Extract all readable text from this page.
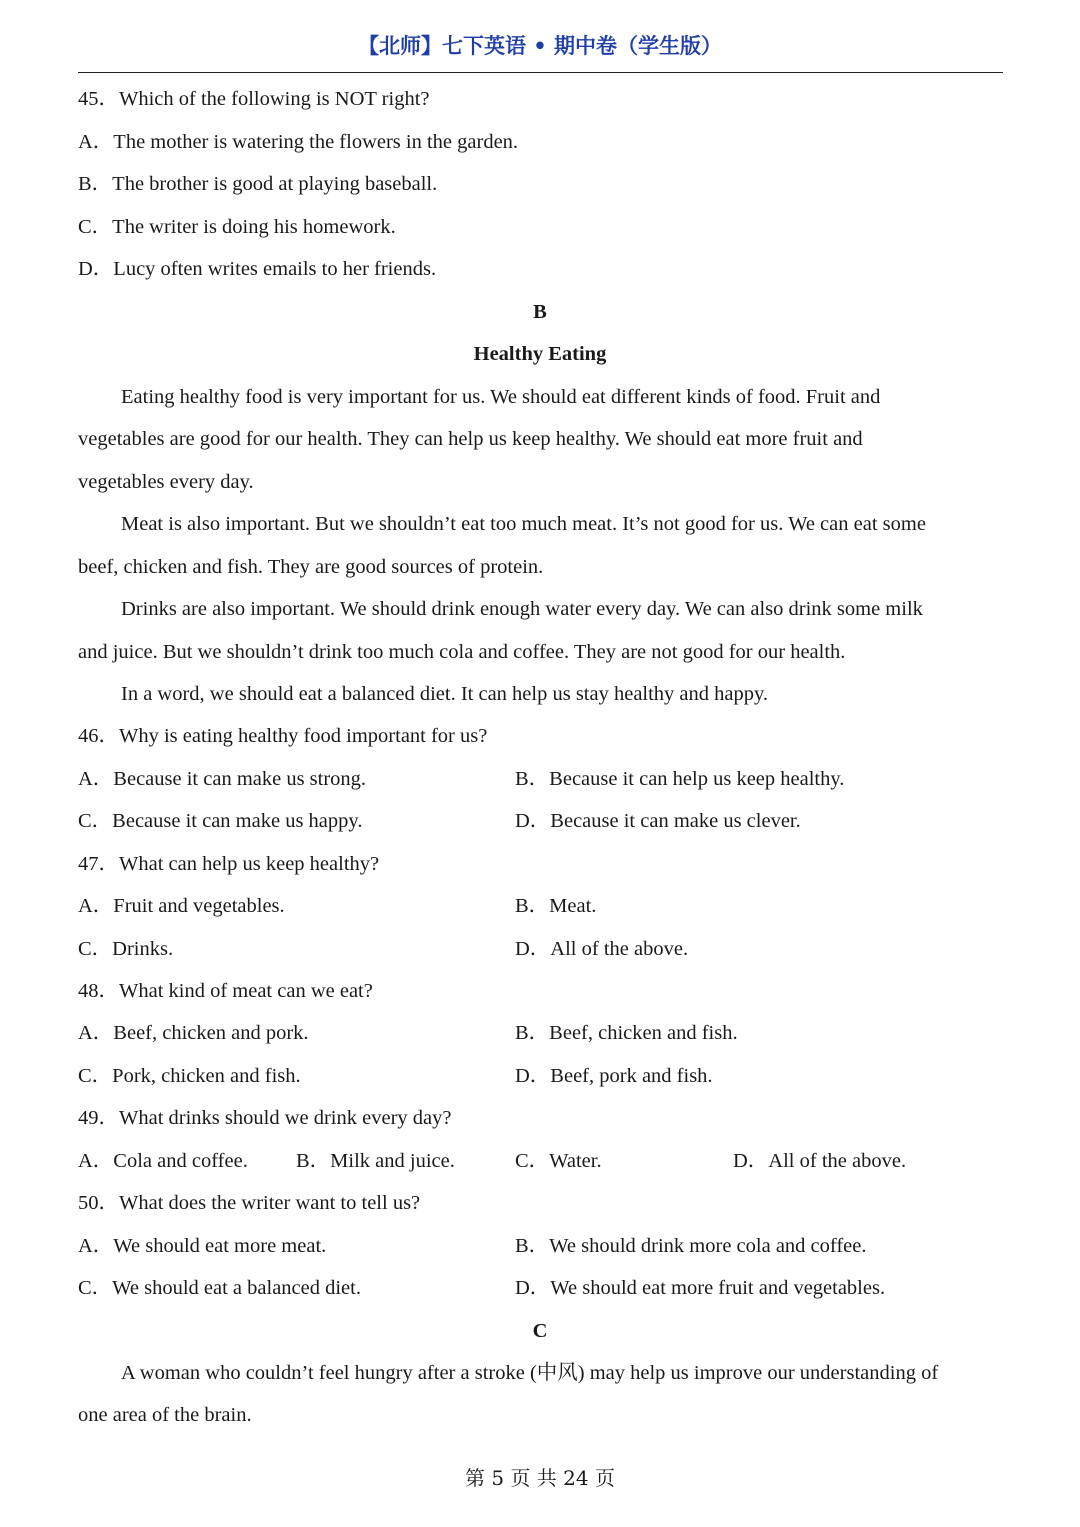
【北师】七下英语 • 期中卷（学生版）
45．Which of the following is NOT right?
A．The mother is watering the flowers in the garden.
B．The brother is good at playing baseball.
C．The writer is doing his homework.
D．Lucy often writes emails to her friends.
B
Healthy Eating
Eating healthy food is very important for us. We should eat different kinds of food. Fruit and
vegetables are good for our health. They can help us keep healthy. We should eat more fruit and
vegetables every day.
Meat is also important. But we shouldn’t eat too much meat. It’s not good for us. We can eat some
beef, chicken and fish. They are good sources of protein.
Drinks are also important. We should drink enough water every day. We can also drink some milk
and juice. But we shouldn’t drink too much cola and coffee. They are not good for our health.
In a word, we should eat a balanced diet. It can help us stay healthy and happy.
46．Why is eating healthy food important for us?
A．Because it can make us strong.	B．Because it can help us keep healthy.
C．Because it can make us happy.	D．Because it can make us clever.
47．What can help us keep healthy?
A．Fruit and vegetables.	B．Meat.
C．Drinks.	D．All of the above.
48．What kind of meat can we eat?
A．Beef, chicken and pork.	B．Beef, chicken and fish.
C．Pork, chicken and fish.	D．Beef, pork and fish.
49．What drinks should we drink every day?
A．Cola and coffee. B．Milk and juice.	C．Water.	D．All of the above.
50．What does the writer want to tell us?
A．We should eat more meat.	B．We should drink more cola and coffee.
C．We should eat a balanced diet.	D．We should eat more fruit and vegetables.
C
A woman who couldn’t feel hungry after a stroke (中风) may help us improve our understanding of
one area of the brain.
第 5 页 共 24 页
